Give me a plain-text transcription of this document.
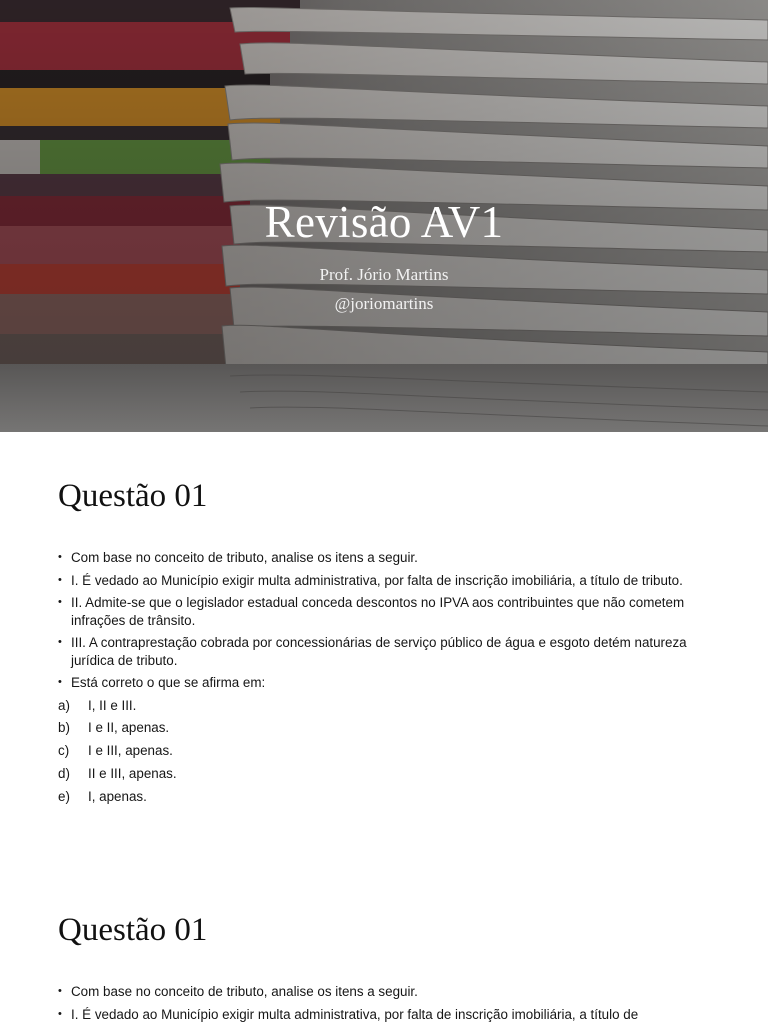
Revisão AV1
Prof. Jório Martins
@joriomartins
Questão 01
• Com base no conceito de tributo, analise os itens a seguir.
• I. É vedado ao Município exigir multa administrativa, por falta de inscrição imobiliária, a título de tributo.
• II. Admite-se que o legislador estadual conceda descontos no IPVA aos contribuintes que não cometem infrações de trânsito.
• III. A contraprestação cobrada por concessionárias de serviço público de água e esgoto detém natureza jurídica de tributo.
• Está correto o que se afirma em:
a) I, II e III.
b) I e II, apenas.
c) I e III, apenas.
d) II e III, apenas.
e) I, apenas.
Questão 01
• Com base no conceito de tributo, analise os itens a seguir.
• I. É vedado ao Município exigir multa administrativa, por falta de inscrição imobiliária, a título de
